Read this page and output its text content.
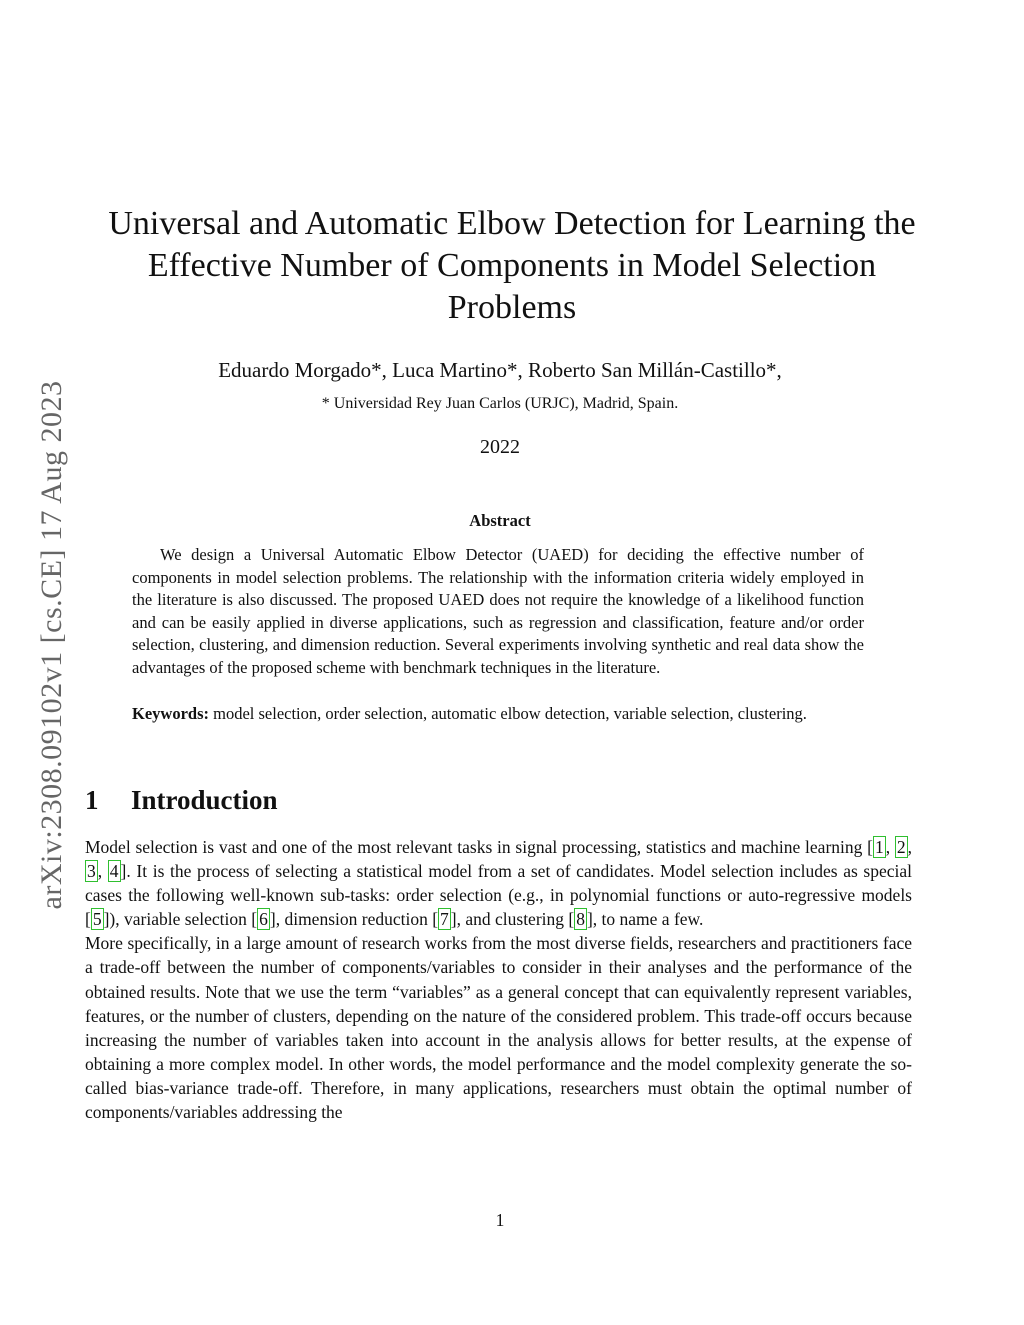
arXiv:2308.09102v1 [cs.CE] 17 Aug 2023
Universal and Automatic Elbow Detection for Learning the
Effective Number of Components in Model Selection
Problems
Eduardo Morgado*, Luca Martino*, Roberto San Millán-Castillo*,
* Universidad Rey Juan Carlos (URJC), Madrid, Spain.
2022
Abstract

We design a Universal Automatic Elbow Detector (UAED) for deciding the effective number of components in model selection problems. The relationship with the information criteria widely employed in the literature is also discussed. The proposed UAED does not require the knowledge of a likelihood function and can be easily applied in diverse applications, such as regression and classification, feature and/or order selection, clustering, and dimension reduction. Several experiments involving synthetic and real data show the advantages of the proposed scheme with benchmark techniques in the literature.

Keywords: model selection, order selection, automatic elbow detection, variable selection, clustering.

1 Introduction

Model selection is vast and one of the most relevant tasks in signal processing, statistics and machine learning [ 1 , 2 , 3 , 4 ]. It is the process of selecting a statistical model from a set of candidates. Model selection includes as special cases the following well-known sub-tasks: order selection (e.g., in polynomial functions or auto-regressive models [ 5 ]), variable selection [ 6 ], dimension reduction [ 7 ], and clustering [ 8 ], to name a few.
More specifically, in a large amount of research works from the most diverse fields, researchers and practitioners face a trade-off between the number of components/variables to consider in their analyses and the performance of the obtained results. Note that we use the term “variables” as a general concept that can equivalently represent variables, features, or the number of clusters, depending on the nature of the considered problem. This trade-off occurs because increasing the number of variables taken into account in the analysis allows for better results, at the expense of obtaining a more complex model. In other words, the model performance and the model complexity generate the so-called bias-variance trade-off. Therefore, in many applications, researchers must obtain the optimal number of components/variables addressing the

1
